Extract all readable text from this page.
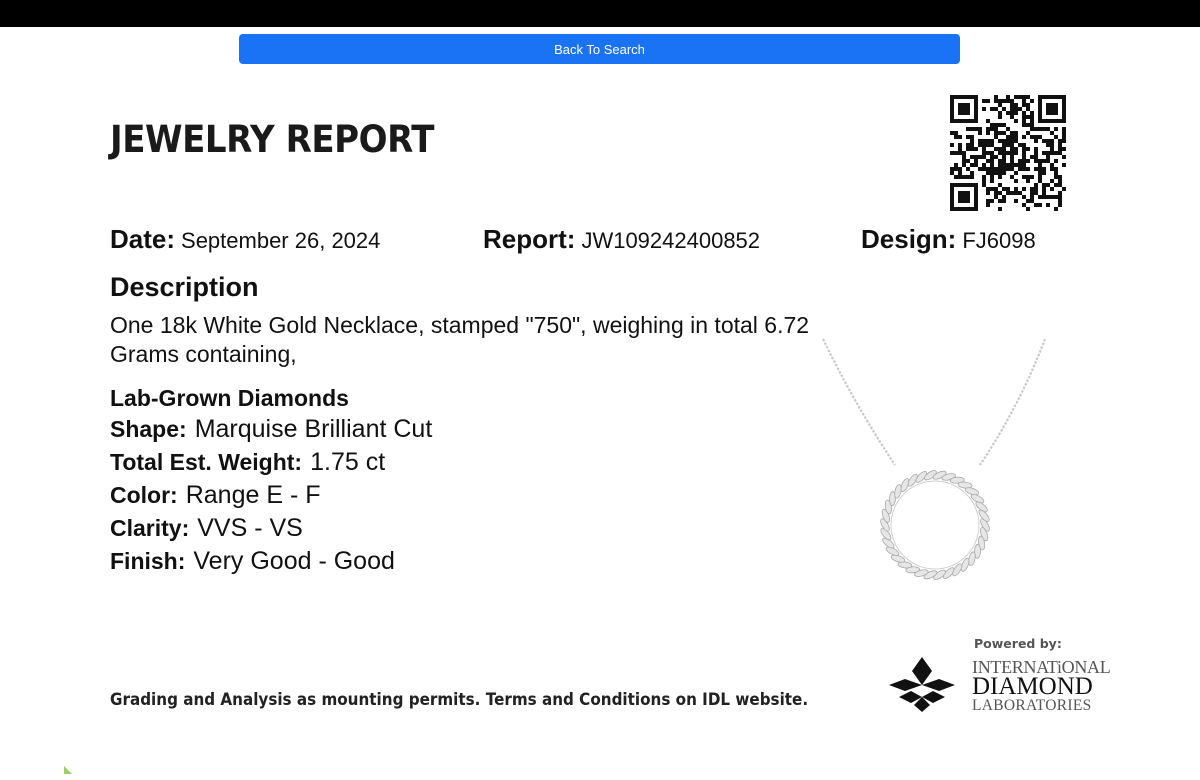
Back To Search
JEWELRY REPORT
Date: September 26, 2024	Report: JW109242400852	Design: FJ6098
Description
One 18k White Gold Necklace, stamped "750", weighing in total 6.72 Grams containing,
Lab-Grown Diamonds
Shape: Marquise Brilliant Cut
Total Est. Weight: 1.75 ct
Color: Range E - F
Clarity: VVS - VS
Finish: Very Good - Good
Grading and Analysis as mounting permits. Terms and Conditions on IDL website.
Powered by:
INTERNATiONAL
DIAMOND
LABORATORIES
